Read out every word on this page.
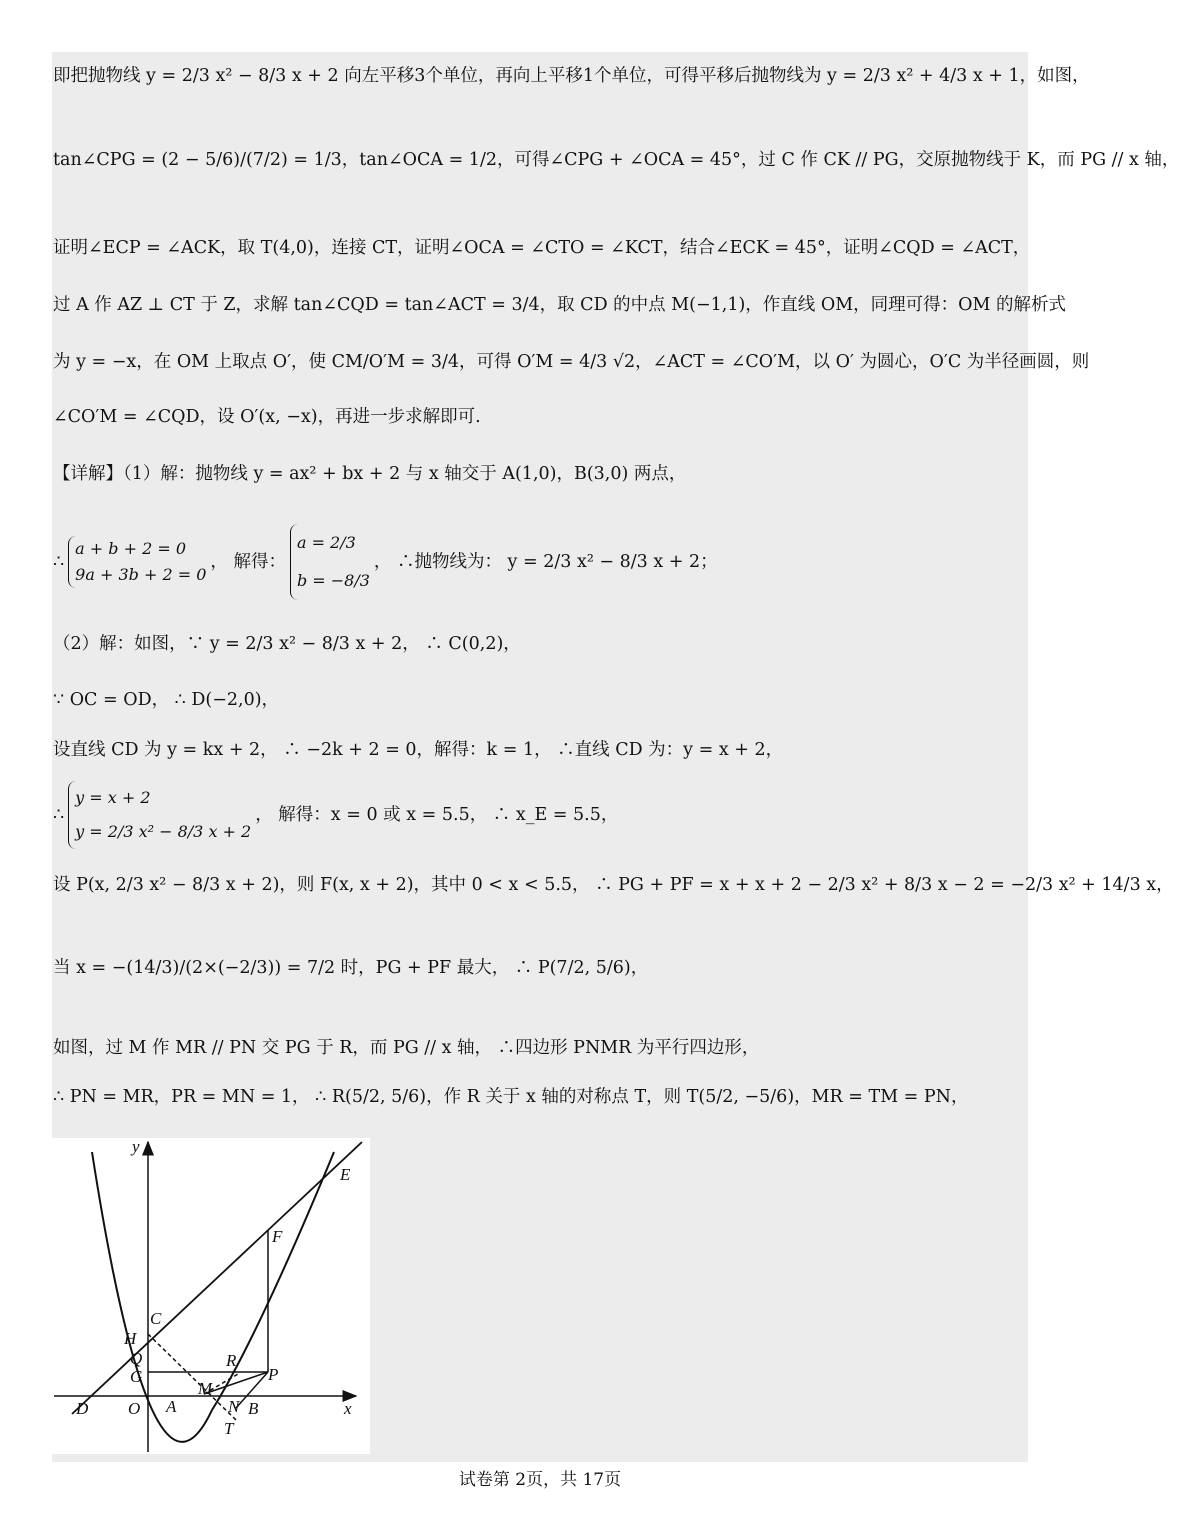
即把抛物线 y = 2/3 x² − 8/3 x + 2 向左平移3个单位，再向上平移1个单位，可得平移后抛物线为 y = 2/3 x² + 4/3 x + 1，如图，
tan∠CPG = (2 − 5/6)/(7/2) = 1/3，tan∠OCA = 1/2，可得∠CPG + ∠OCA = 45°，过 C 作 CK // PG，交原抛物线于 K，而 PG // x 轴，
证明∠ECP = ∠ACK，取 T(4,0)，连接 CT，证明∠OCA = ∠CTO = ∠KCT，结合∠ECK = 45°，证明∠CQD = ∠ACT，
过 A 作 AZ ⊥ CT 于 Z，求解 tan∠CQD = tan∠ACT = 3/4，取 CD 的中点 M(−1,1)，作直线 OM，同理可得：OM 的解析式
为 y = −x，在 OM 上取点 O′，使 CM/O′M = 3/4，可得 O′M = 4/3 √2，∠ACT = ∠CO′M，以 O′ 为圆心，O′C 为半径画圆，则
∠CO′M = ∠CQD，设 O′(x, −x)，再进一步求解即可.
【详解】（1）解：抛物线 y = ax² + bx + 2 与 x 轴交于 A(1,0)，B(3,0) 两点，
∴
a + b + 2 = 0
9a + 3b + 2 = 0
， 解得：
a = 2/3
b = −8/3
， ∴抛物线为： y = 2/3 x² − 8/3 x + 2；
（2）解：如图，∵ y = 2/3 x² − 8/3 x + 2， ∴ C(0,2)，
∵ OC = OD， ∴ D(−2,0)，
设直线 CD 为 y = kx + 2， ∴ −2k + 2 = 0，解得：k = 1， ∴直线 CD 为：y = x + 2，
∴
y = x + 2
y = 2/3 x² − 8/3 x + 2
， 解得：x = 0 或 x = 5.5， ∴ x_E = 5.5，
设 P(x, 2/3 x² − 8/3 x + 2)，则 F(x, x + 2)，其中 0 < x < 5.5， ∴ PG + PF = x + x + 2 − 2/3 x² + 8/3 x − 2 = −2/3 x² + 14/3 x，
当 x = −(14/3)/(2×(−2/3)) = 7/2 时，PG + PF 最大， ∴ P(7/2, 5/6)，
如图，过 M 作 MR // PN 交 PG 于 R，而 PG // x 轴， ∴四边形 PNMR 为平行四边形，
∴ PN = MR，PR = MN = 1， ∴ R(5/2, 5/6)，作 R 关于 x 轴的对称点 T，则 T(5/2, −5/6)，MR = TM = PN，
y
x
E
F
C
H
Q
G
R
M
P
D O A	N B
T
试卷第 2页，共 17页
